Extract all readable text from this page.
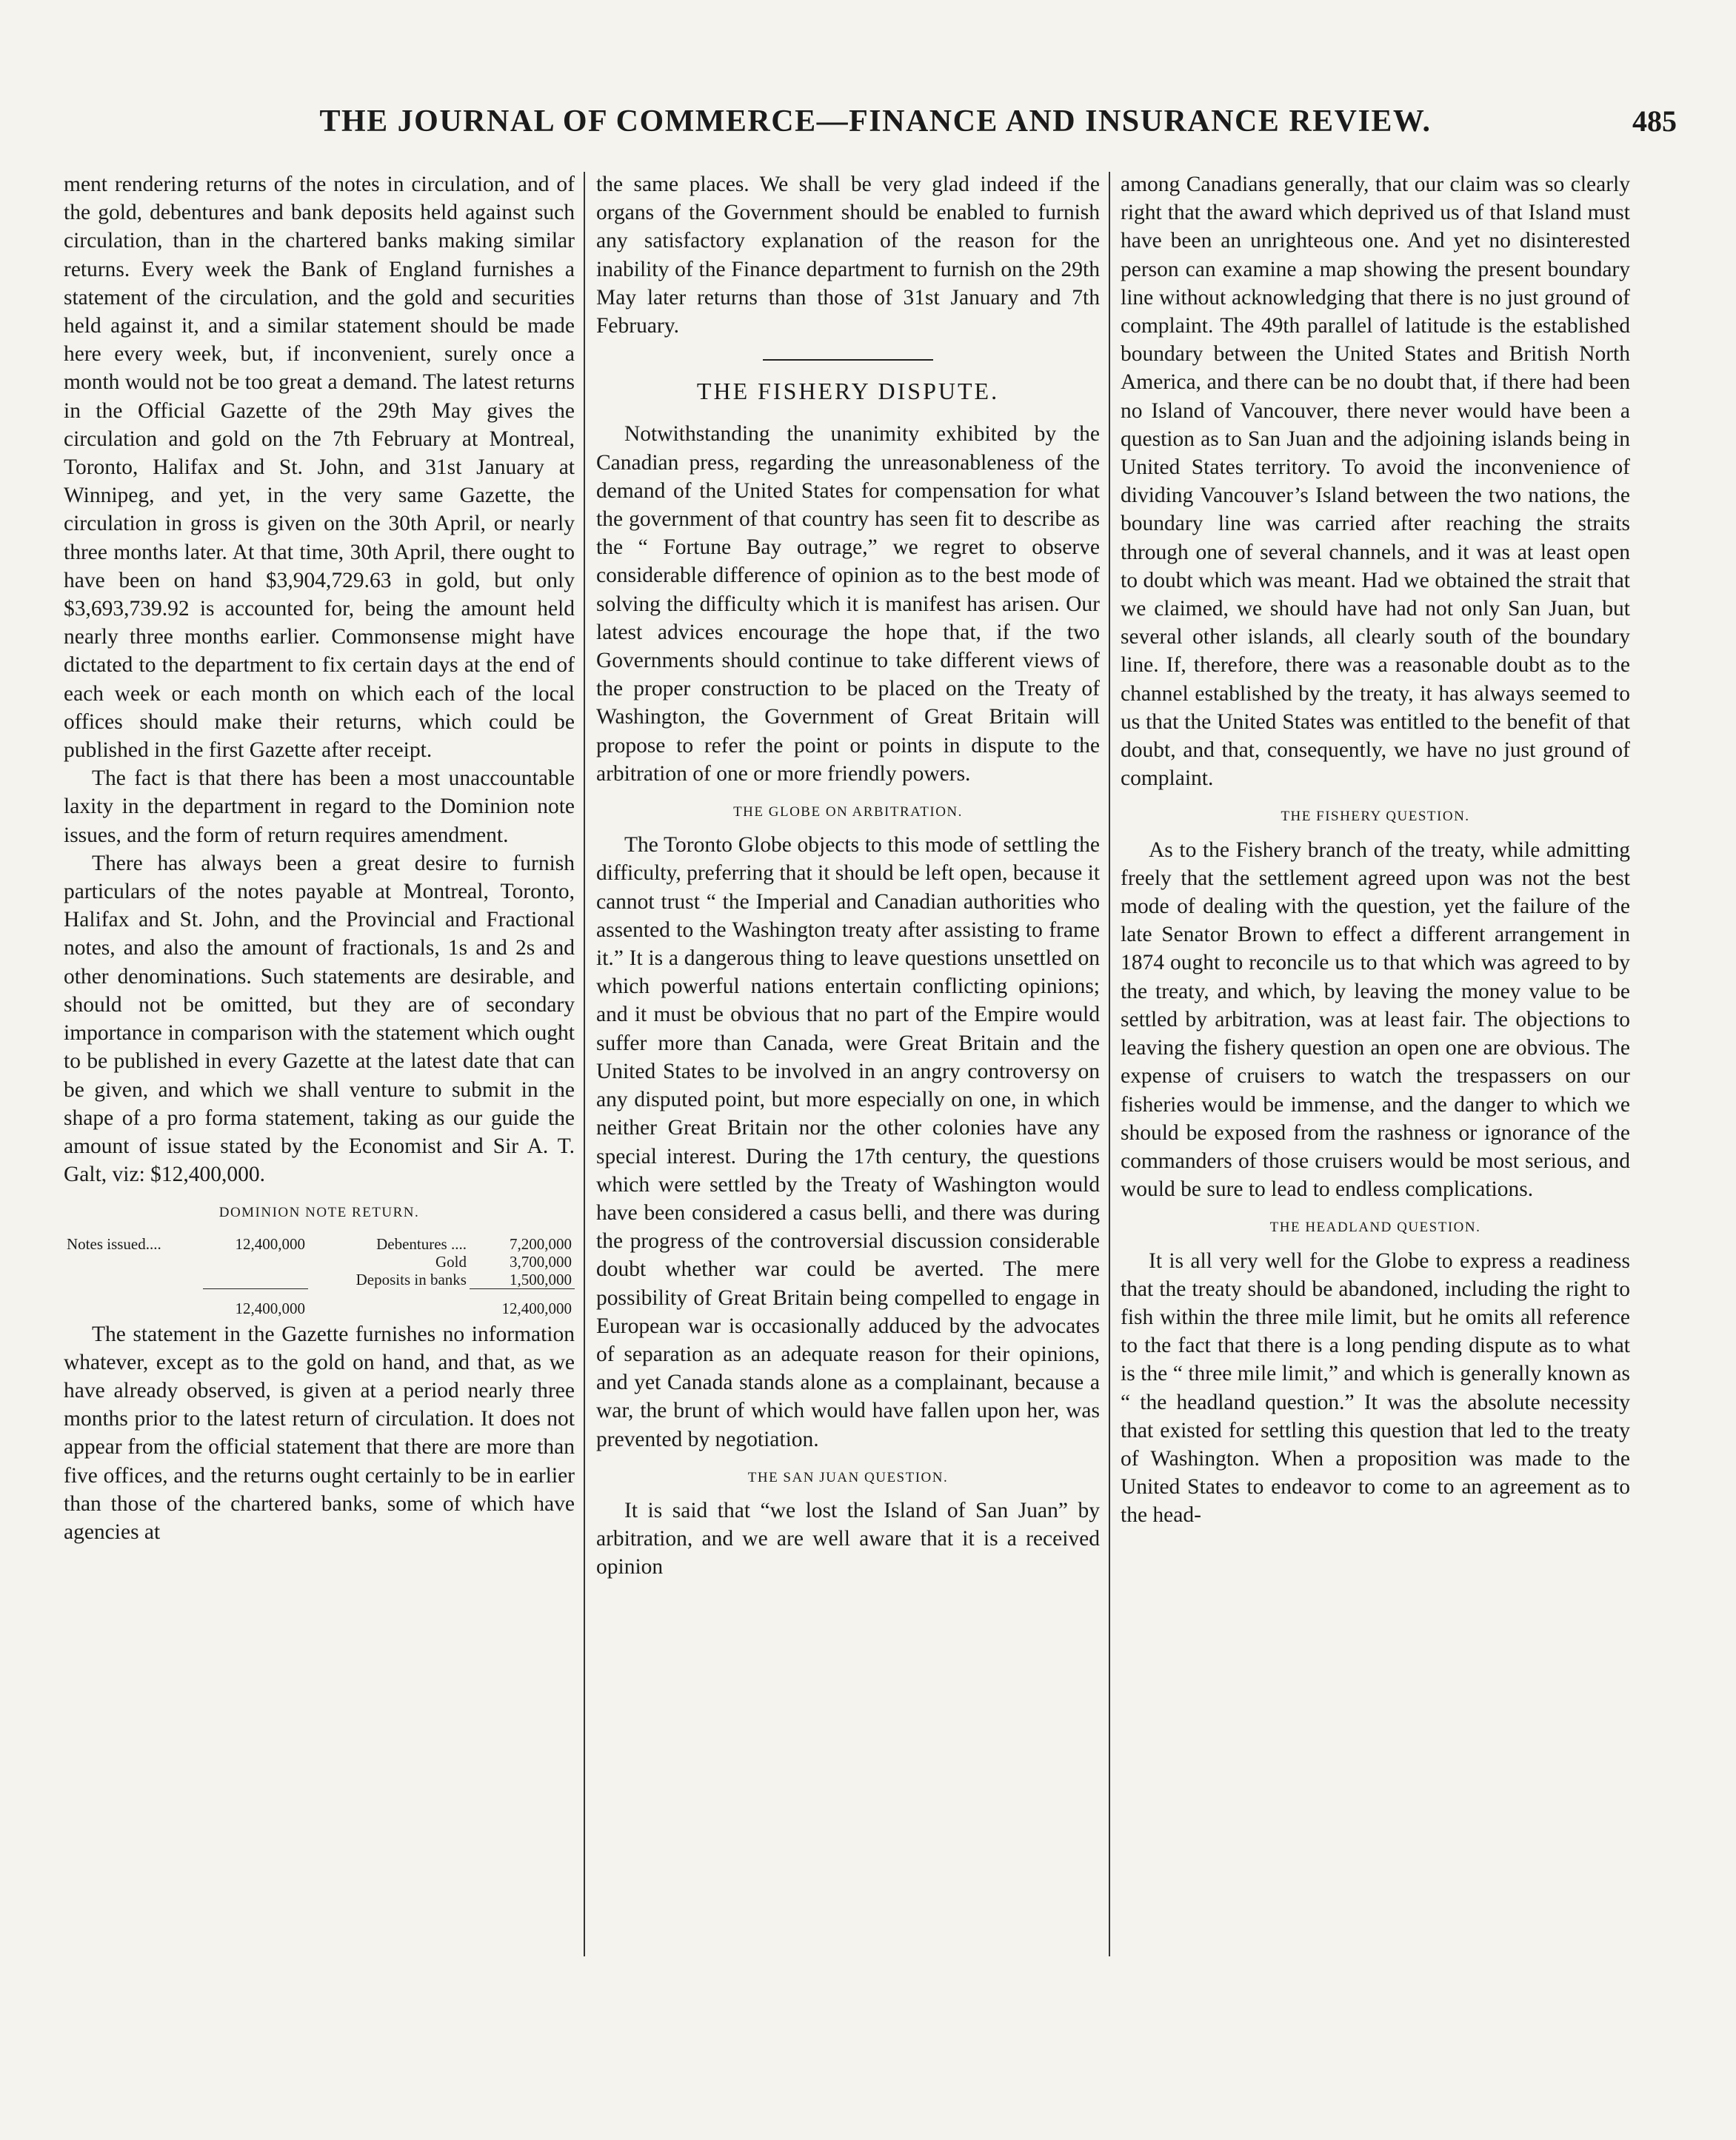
THE JOURNAL OF COMMERCE—FINANCE AND INSURANCE REVIEW.	485

ment rendering returns of the notes in circulation, and of the gold, debentures and bank deposits held against such circulation, than in the chartered banks making similar returns. Every week the Bank of England furnishes a statement of the circulation, and the gold and securities held against it, and a similar statement should be made here every week, but, if inconvenient, surely once a month would not be too great a demand. The latest returns in the Official Gazette of the 29th May gives the circulation and gold on the 7th February at Montreal, Toronto, Halifax and St. John, and 31st January at Winnipeg, and yet, in the very same Gazette, the circulation in gross is given on the 30th April, or nearly three months later. At that time, 30th April, there ought to have been on hand $3,904,729.63 in gold, but only $3,693,739.92 is accounted for, being the amount held nearly three months earlier. Commonsense might have dictated to the department to fix certain days at the end of each week or each month on which each of the local offices should make their returns, which could be published in the first Gazette after receipt.

The fact is that there has been a most unaccountable laxity in the department in regard to the Dominion note issues, and the form of return requires amendment.

There has always been a great desire to furnish particulars of the notes payable at Montreal, Toronto, Halifax and St. John, and the Provincial and Fractional notes, and also the amount of fractionals, 1s and 2s and other denominations. Such statements are desirable, and should not be omitted, but they are of secondary importance in comparison with the statement which ought to be published in every Gazette at the latest date that can be given, and which we shall venture to submit in the shape of a pro forma statement, taking as our guide the amount of issue stated by the Economist and Sir A. T. Galt, viz: $12,400,000.

DOMINION NOTE RETURN.
Notes issued....	12,400,000	Debentures ....	7,200,000
		Gold	3,700,000
		Deposits in banks	1,500,000
	12,400,000		12,400,000

The statement in the Gazette furnishes no information whatever, except as to the gold on hand, and that, as we have already observed, is given at a period nearly three months prior to the latest return of circulation. It does not appear from the official statement that there are more than five offices, and the returns ought certainly to be in earlier than those of the chartered banks, some of which have agencies at

the same places. We shall be very glad indeed if the organs of the Government should be enabled to furnish any satisfactory explanation of the reason for the inability of the Finance department to furnish on the 29th May later returns than those of 31st January and 7th February.

THE FISHERY DISPUTE.

Notwithstanding the unanimity exhibited by the Canadian press, regarding the unreasonableness of the demand of the United States for compensation for what the government of that country has seen fit to describe as the “ Fortune Bay outrage,” we regret to observe considerable difference of opinion as to the best mode of solving the difficulty which it is manifest has arisen. Our latest advices encourage the hope that, if the two Governments should continue to take different views of the proper construction to be placed on the Treaty of Washington, the Government of Great Britain will propose to refer the point or points in dispute to the arbitration of one or more friendly powers.

THE GLOBE ON ARBITRATION.

The Toronto Globe objects to this mode of settling the difficulty, preferring that it should be left open, because it cannot trust “ the Imperial and Canadian authorities who assented to the Washington treaty after assisting to frame it.” It is a dangerous thing to leave questions unsettled on which powerful nations entertain conflicting opinions; and it must be obvious that no part of the Empire would suffer more than Canada, were Great Britain and the United States to be involved in an angry controversy on any disputed point, but more especially on one, in which neither Great Britain nor the other colonies have any special interest. During the 17th century, the questions which were settled by the Treaty of Washington would have been considered a casus belli, and there was during the progress of the controversial discussion considerable doubt whether war could be averted. The mere possibility of Great Britain being compelled to engage in European war is occasionally adduced by the advocates of separation as an adequate reason for their opinions, and yet Canada stands alone as a complainant, because a war, the brunt of which would have fallen upon her, was prevented by negotiation.

THE SAN JUAN QUESTION.

It is said that “we lost the Island of San Juan” by arbitration, and we are well aware that it is a received opinion

among Canadians generally, that our claim was so clearly right that the award which deprived us of that Island must have been an unrighteous one. And yet no disinterested person can examine a map showing the present boundary line without acknowledging that there is no just ground of complaint. The 49th parallel of latitude is the established boundary between the United States and British North America, and there can be no doubt that, if there had been no Island of Vancouver, there never would have been a question as to San Juan and the adjoining islands being in United States territory. To avoid the inconvenience of dividing Vancouver’s Island between the two nations, the boundary line was carried after reaching the straits through one of several channels, and it was at least open to doubt which was meant. Had we obtained the strait that we claimed, we should have had not only San Juan, but several other islands, all clearly south of the boundary line. If, therefore, there was a reasonable doubt as to the channel established by the treaty, it has always seemed to us that the United States was entitled to the benefit of that doubt, and that, consequently, we have no just ground of complaint.

THE FISHERY QUESTION.

As to the Fishery branch of the treaty, while admitting freely that the settlement agreed upon was not the best mode of dealing with the question, yet the failure of the late Senator Brown to effect a different arrangement in 1874 ought to reconcile us to that which was agreed to by the treaty, and which, by leaving the money value to be settled by arbitration, was at least fair. The objections to leaving the fishery question an open one are obvious. The expense of cruisers to watch the trespassers on our fisheries would be immense, and the danger to which we should be exposed from the rashness or ignorance of the commanders of those cruisers would be most serious, and would be sure to lead to endless complications.

THE HEADLAND QUESTION.

It is all very well for the Globe to express a readiness that the treaty should be abandoned, including the right to fish within the three mile limit, but he omits all reference to the fact that there is a long pending dispute as to what is the “ three mile limit,” and which is generally known as “ the headland question.” It was the absolute necessity that existed for settling this question that led to the treaty of Washington. When a proposition was made to the United States to endeavor to come to an agreement as to the head-
